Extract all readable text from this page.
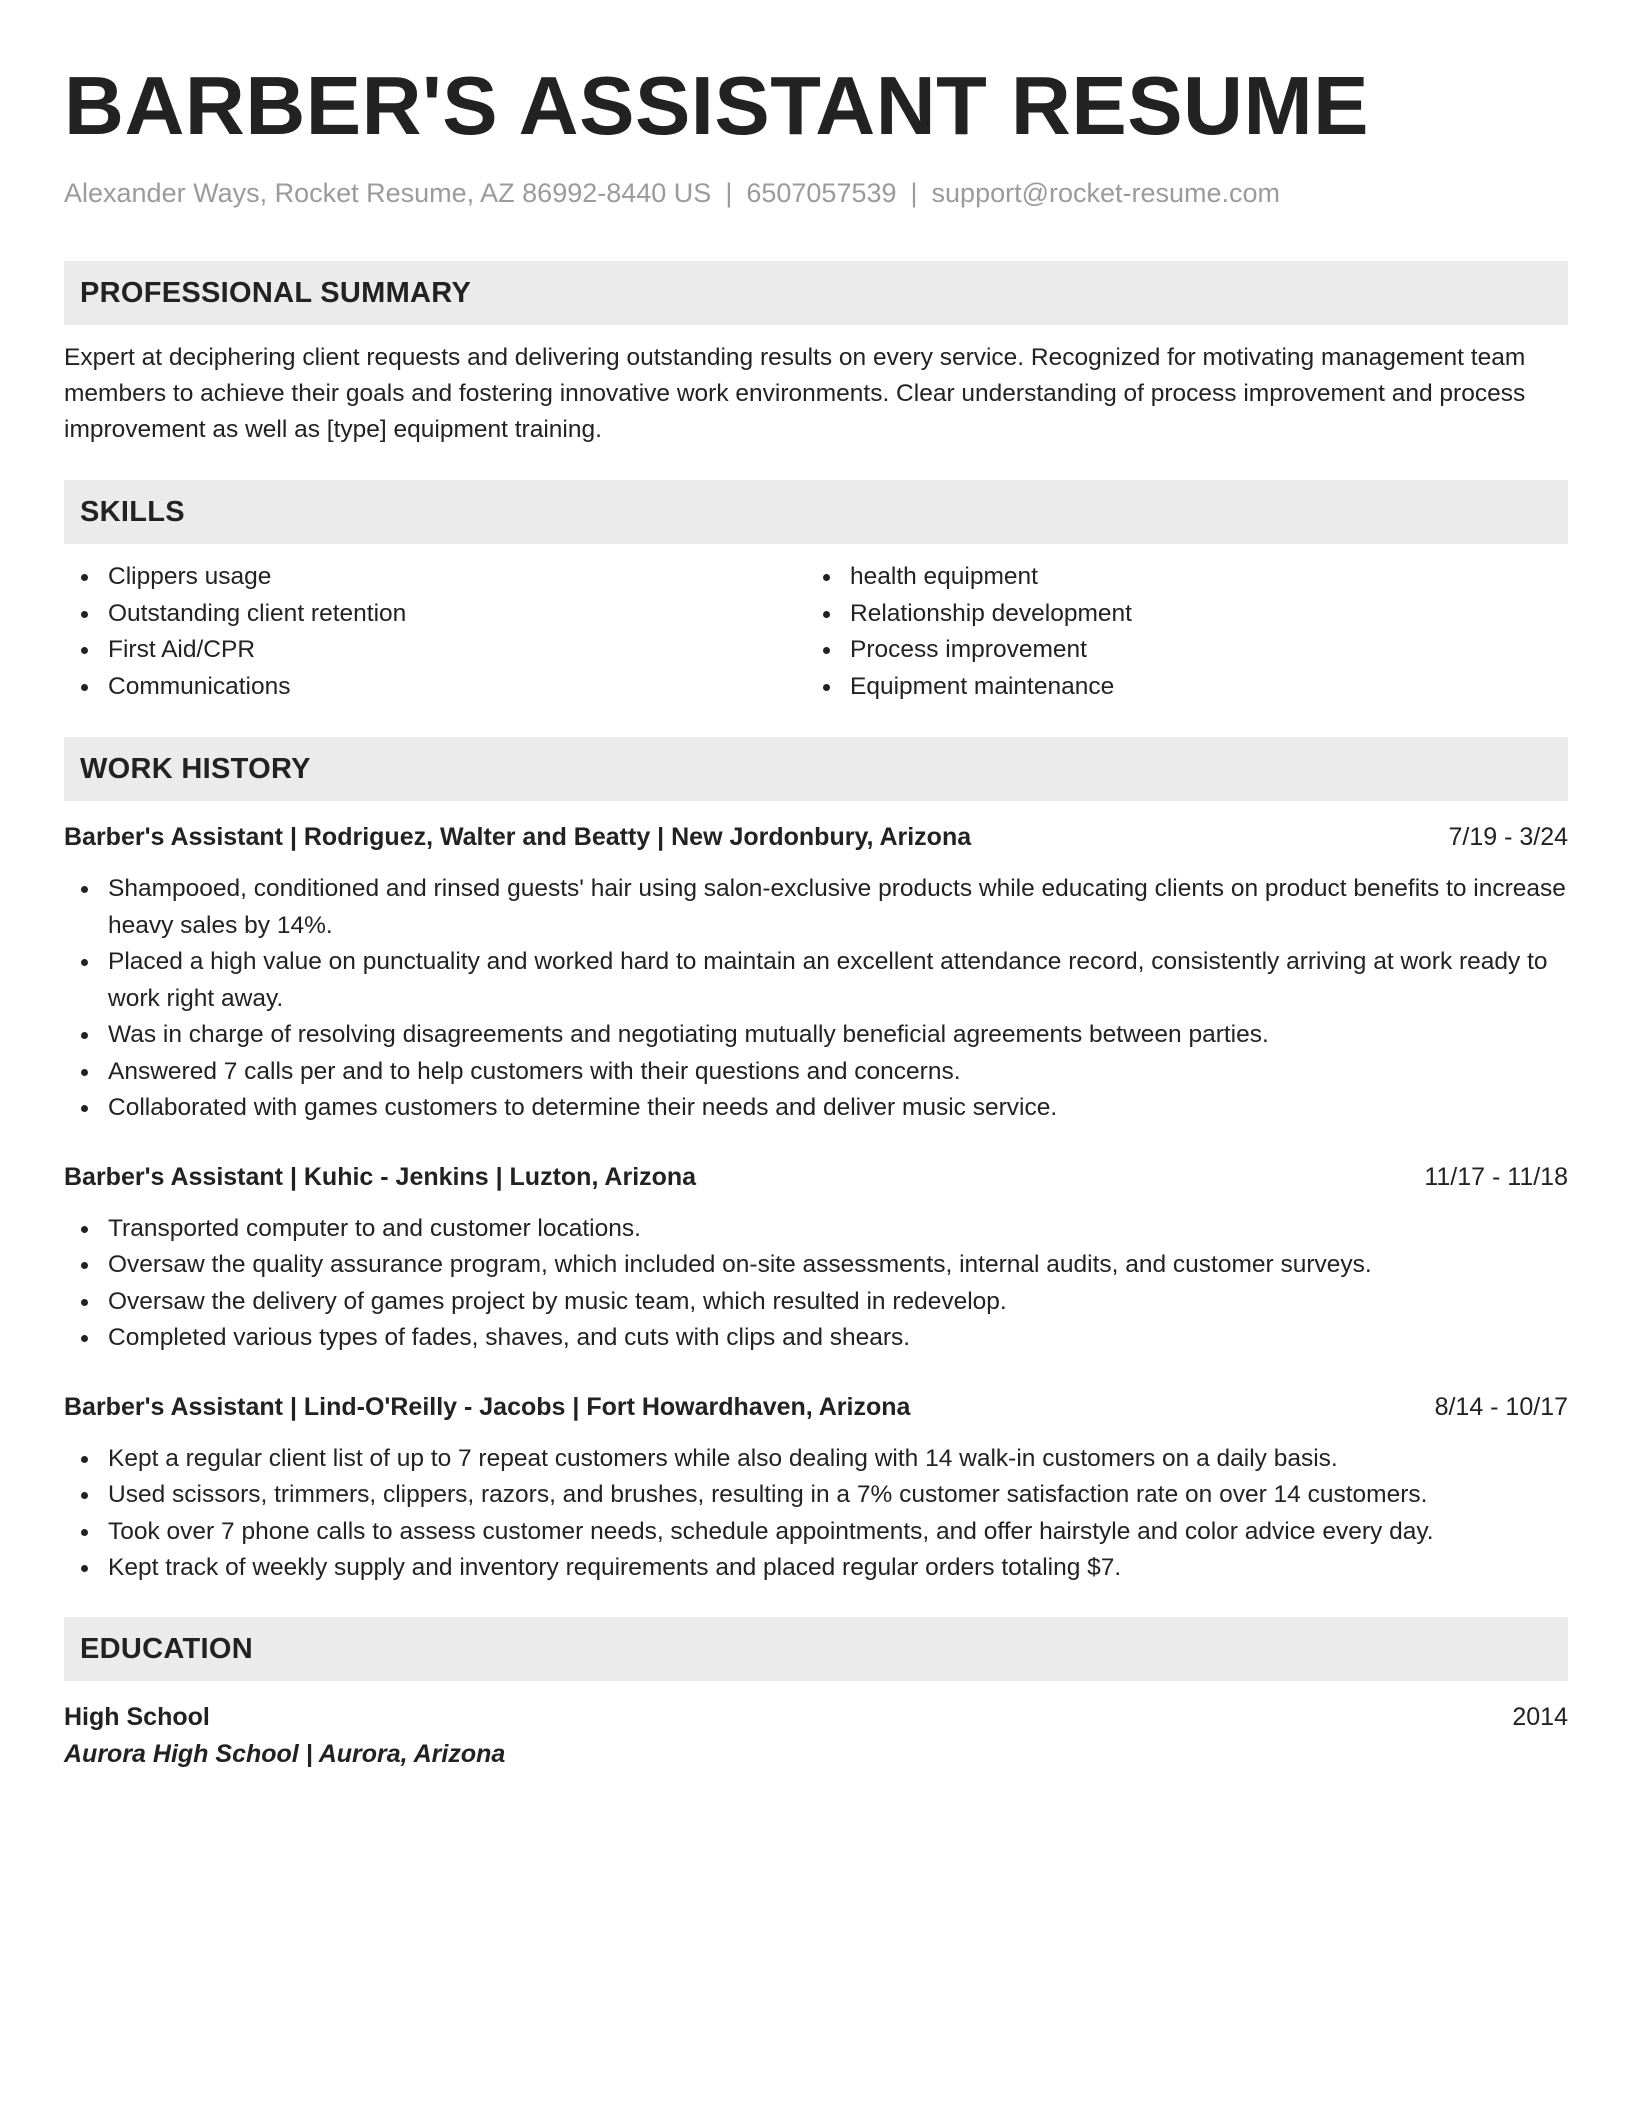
BARBER'S ASSISTANT RESUME
Alexander Ways, Rocket Resume, AZ 86992-8440 US | 6507057539 | support@rocket-resume.com
PROFESSIONAL SUMMARY
Expert at deciphering client requests and delivering outstanding results on every service. Recognized for motivating management team members to achieve their goals and fostering innovative work environments. Clear understanding of process improvement and process improvement as well as [type] equipment training.
SKILLS
Clippers usage
Outstanding client retention
First Aid/CPR
Communications
health equipment
Relationship development
Process improvement
Equipment maintenance
WORK HISTORY
Barber's Assistant | Rodriguez, Walter and Beatty | New Jordonbury, Arizona	7/19 - 3/24
Shampooed, conditioned and rinsed guests' hair using salon-exclusive products while educating clients on product benefits to increase heavy sales by 14%.
Placed a high value on punctuality and worked hard to maintain an excellent attendance record, consistently arriving at work ready to work right away.
Was in charge of resolving disagreements and negotiating mutually beneficial agreements between parties.
Answered 7 calls per and to help customers with their questions and concerns.
Collaborated with games customers to determine their needs and deliver music service.
Barber's Assistant | Kuhic - Jenkins | Luzton, Arizona	11/17 - 11/18
Transported computer to and customer locations.
Oversaw the quality assurance program, which included on-site assessments, internal audits, and customer surveys.
Oversaw the delivery of games project by music team, which resulted in redevelop.
Completed various types of fades, shaves, and cuts with clips and shears.
Barber's Assistant | Lind-O'Reilly - Jacobs | Fort Howardhaven, Arizona	8/14 - 10/17
Kept a regular client list of up to 7 repeat customers while also dealing with 14 walk-in customers on a daily basis.
Used scissors, trimmers, clippers, razors, and brushes, resulting in a 7% customer satisfaction rate on over 14 customers.
Took over 7 phone calls to assess customer needs, schedule appointments, and offer hairstyle and color advice every day.
Kept track of weekly supply and inventory requirements and placed regular orders totaling $7.
EDUCATION
High School	2014
Aurora High School | Aurora, Arizona
